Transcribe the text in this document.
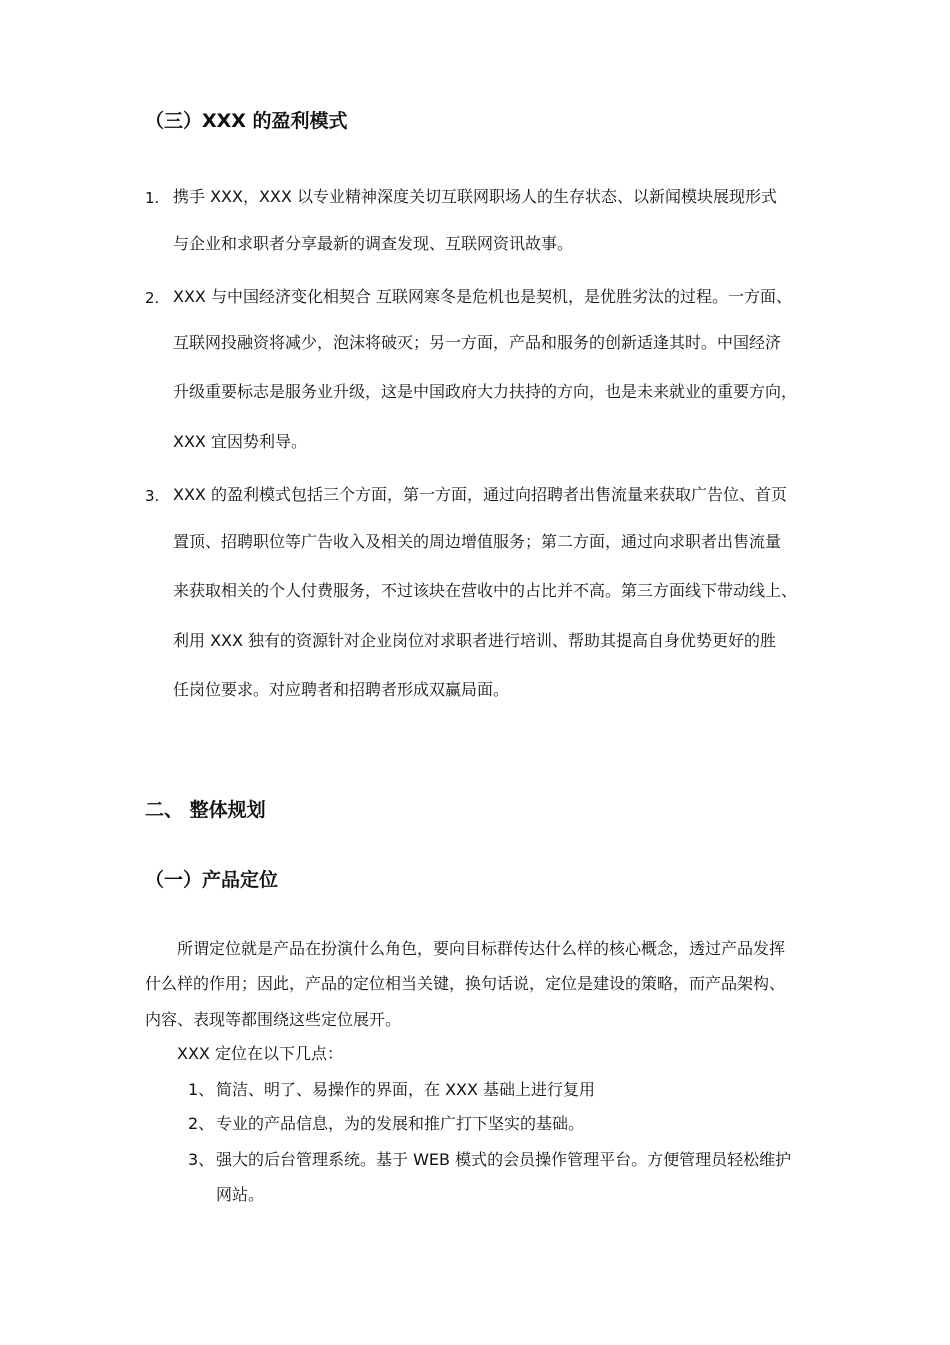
（三）XXX 的盈利模式
1. 携手 XXX，XXX 以专业精神深度关切互联网职场人的生存状态、以新闻模块展现形式
与企业和求职者分享最新的调查发现、互联网资讯故事。
2. XXX 与中国经济变化相契合 互联网寒冬是危机也是契机，是优胜劣汰的过程。一方面、
互联网投融资将减少，泡沫将破灭；另一方面，产品和服务的创新适逢其时。中国经济
升级重要标志是服务业升级，这是中国政府大力扶持的方向，也是未来就业的重要方向，
XXX 宜因势利导。
3. XXX 的盈利模式包括三个方面，第一方面，通过向招聘者出售流量来获取广告位、首页
置顶、招聘职位等广告收入及相关的周边增值服务；第二方面，通过向求职者出售流量
来获取相关的个人付费服务，不过该块在营收中的占比并不高。第三方面线下带动线上、
利用 XXX 独有的资源针对企业岗位对求职者进行培训、帮助其提高自身优势更好的胜
任岗位要求。对应聘者和招聘者形成双赢局面。
二、 整体规划
（一）产品定位
所谓定位就是产品在扮演什么角色，要向目标群传达什么样的核心概念，透过产品发挥
什么样的作用；因此，产品的定位相当关键，换句话说，定位是建设的策略，而产品架构、
内容、表现等都围绕这些定位展开。
XXX 定位在以下几点：
1、 简洁、明了、易操作的界面，在 XXX 基础上进行复用
2、 专业的产品信息，为的发展和推广打下坚实的基础。
3、 强大的后台管理系统。基于 WEB 模式的会员操作管理平台。方便管理员轻松维护
网站。
